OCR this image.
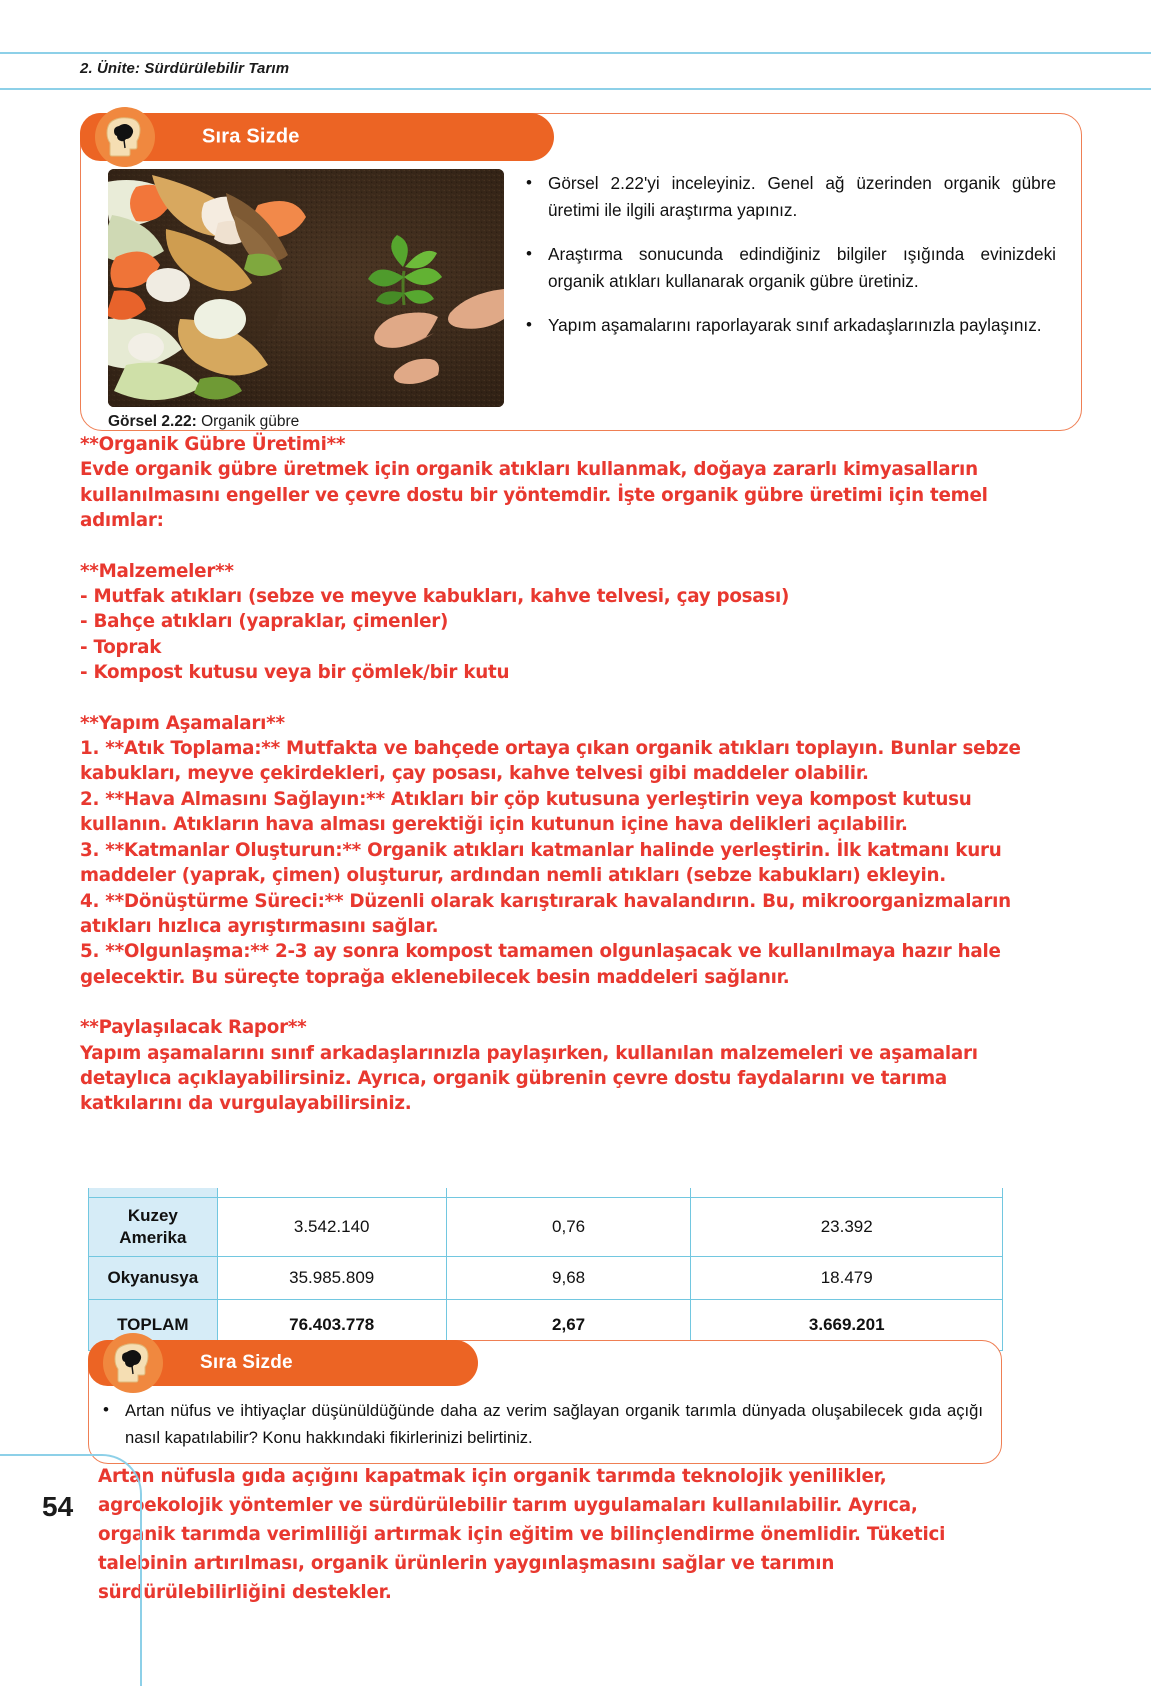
2. Ünite: Sürdürülebilir Tarım
Sıra Sizde
Görsel 2.22: Organik gübre
• Görsel 2.22'yi inceleyiniz. Genel ağ üzerinden organik gübre üretimi ile ilgili araştırma yapınız.
• Araştırma sonucunda edindiğiniz bilgiler ışığında evinizdeki organik atıkları kullanarak organik gübre üretiniz.
• Yapım aşamalarını raporlayarak sınıf arkadaşlarınızla paylaşınız.
**Organik Gübre Üretimi**
Evde organik gübre üretmek için organik atıkları kullanmak, doğaya zararlı kimyasalların
kullanılmasını engeller ve çevre dostu bir yöntemdir. İşte organik gübre üretimi için temel
adımlar:
**Malzemeler**
- Mutfak atıkları (sebze ve meyve kabukları, kahve telvesi, çay posası)
- Bahçe atıkları (yapraklar, çimenler)
- Toprak
- Kompost kutusu veya bir çömlek/bir kutu
**Yapım Aşamaları**
1. **Atık Toplama:** Mutfakta ve bahçede ortaya çıkan organik atıkları toplayın. Bunlar sebze
kabukları, meyve çekirdekleri, çay posası, kahve telvesi gibi maddeler olabilir.
2. **Hava Almasını Sağlayın:** Atıkları bir çöp kutusuna yerleştirin veya kompost kutusu
kullanın. Atıkların hava alması gerektiği için kutunun içine hava delikleri açılabilir.
3. **Katmanlar Oluşturun:** Organik atıkları katmanlar halinde yerleştirin. İlk katmanı kuru
maddeler (yaprak, çimen) oluşturur, ardından nemli atıkları (sebze kabukları) ekleyin.
4. **Dönüştürme Süreci:** Düzenli olarak karıştırarak havalandırın. Bu, mikroorganizmaların
atıkları hızlıca ayrıştırmasını sağlar.
5. **Olgunlaşma:** 2-3 ay sonra kompost tamamen olgunlaşacak ve kullanılmaya hazır hale
gelecektir. Bu süreçte toprağa eklenebilecek besin maddeleri sağlanır.
**Paylaşılacak Rapor**
Yapım aşamalarını sınıf arkadaşlarınızla paylaşırken, kullanılan malzemeleri ve aşamaları
detaylıca açıklayabilirsiniz. Ayrıca, organik gübrenin çevre dostu faydalarını ve tarıma
katkılarını da vurgulayabilirsiniz.

Kuzey
Amerika	3.542.140	0,76	23.392
Okyanusya	35.985.809	9,68	18.479
TOPLAM	76.403.778	2,67	3.669.201
Sıra Sizde
• Artan nüfus ve ihtiyaçlar düşünüldüğünde daha az verim sağlayan organik tarımla dünyada oluşabilecek gıda açığı nasıl kapatılabilir? Konu hakkındaki fikirlerinizi belirtiniz.
Artan nüfusla gıda açığını kapatmak için organik tarımda teknolojik yenilikler,
agroekolojik yöntemler ve sürdürülebilir tarım uygulamaları kullanılabilir. Ayrıca,
organik tarımda verimliliği artırmak için eğitim ve bilinçlendirme önemlidir. Tüketici
talebinin artırılması, organik ürünlerin yaygınlaşmasını sağlar ve tarımın
sürdürülebilirliğini destekler.
54
